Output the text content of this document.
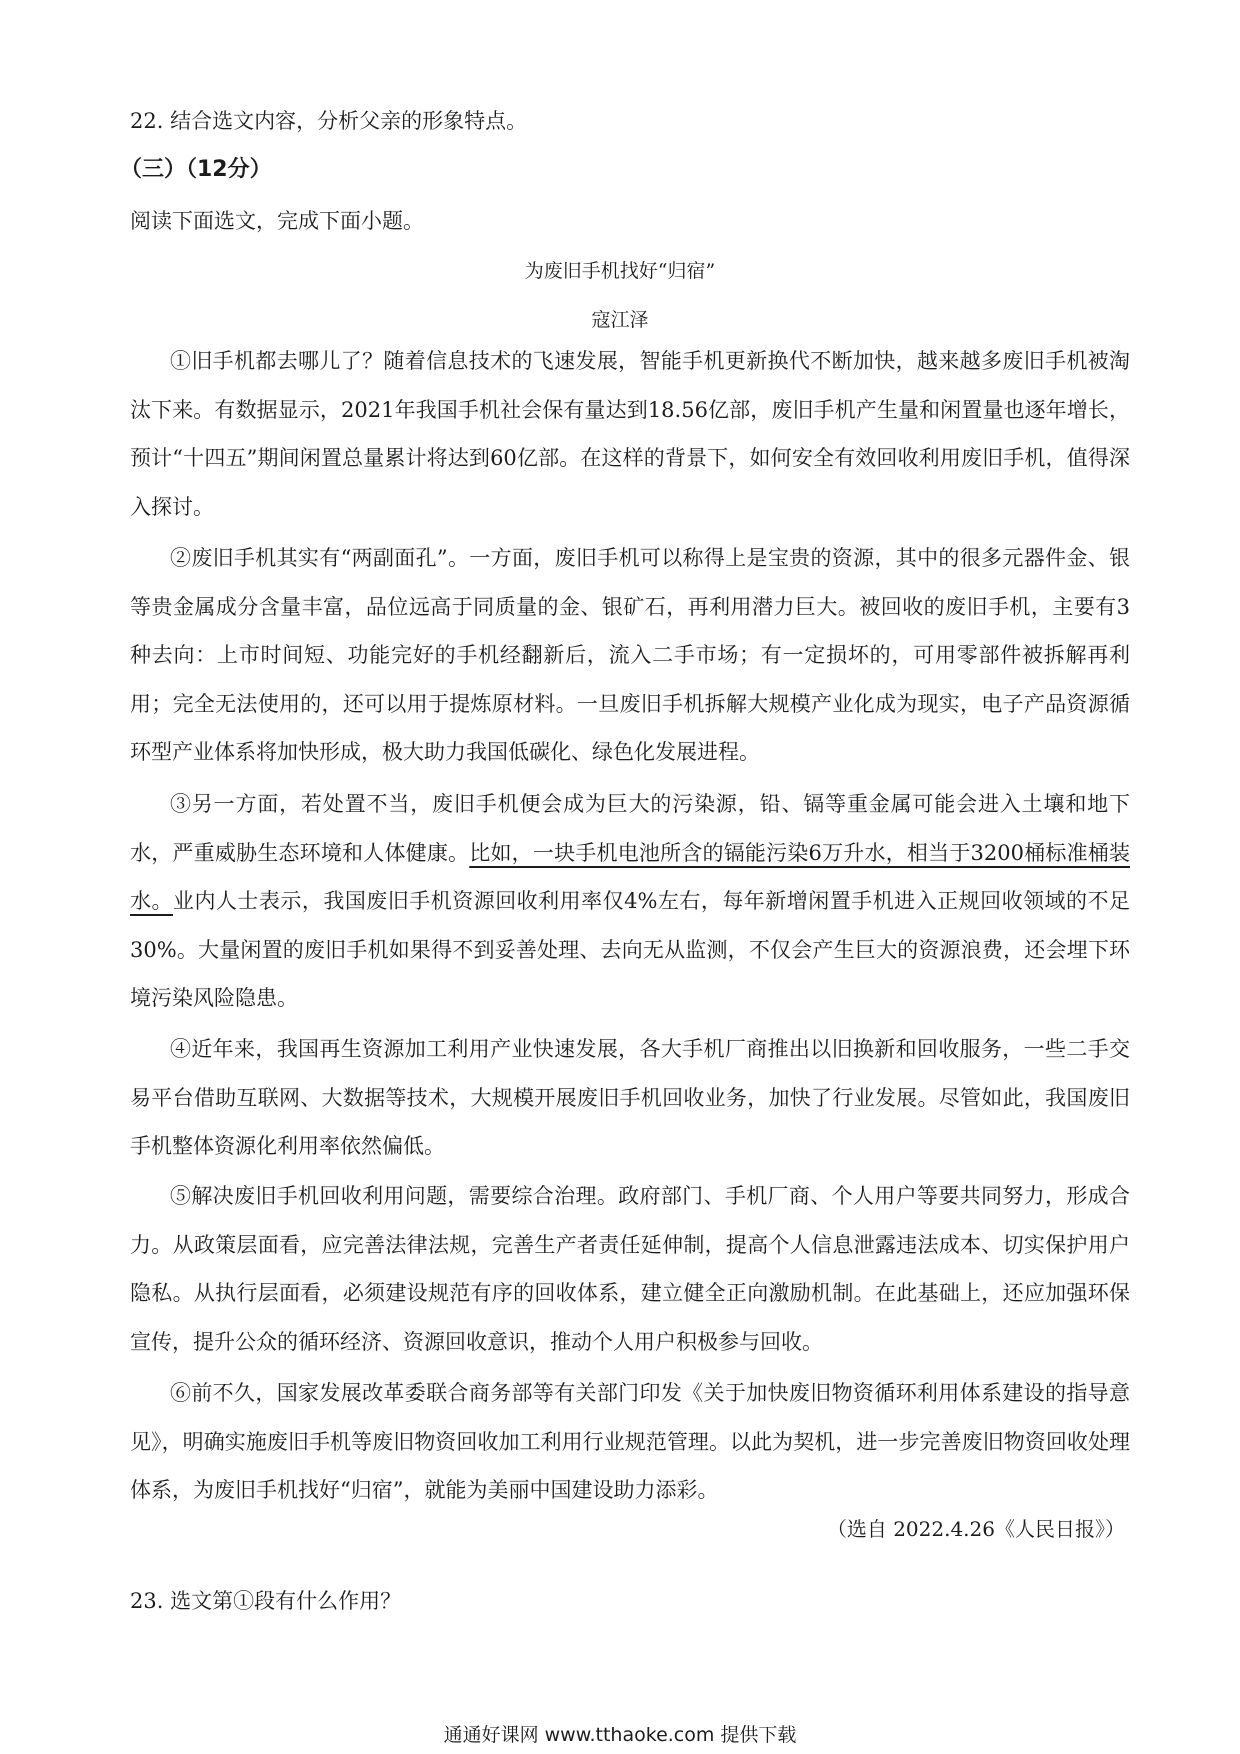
22. 结合选文内容，分析父亲的形象特点。
（三）（12分）
阅读下面选文，完成下面小题。
为废旧手机找好“归宿”
寇江泽
①旧手机都去哪儿了？随着信息技术的飞速发展，智能手机更新换代不断加快，越来越多废旧手机被淘汰下来。有数据显示，2021年我国手机社会保有量达到18.56亿部，废旧手机产生量和闲置量也逐年增长，预计“十四五”期间闲置总量累计将达到60亿部。在这样的背景下，如何安全有效回收利用废旧手机，值得深入探讨。
②废旧手机其实有“两副面孔”。一方面，废旧手机可以称得上是宝贵的资源，其中的很多元器件金、银等贵金属成分含量丰富，品位远高于同质量的金、银矿石，再利用潜力巨大。被回收的废旧手机，主要有3种去向：上市时间短、功能完好的手机经翻新后，流入二手市场；有一定损坏的，可用零部件被拆解再利用；完全无法使用的，还可以用于提炼原材料。一旦废旧手机拆解大规模产业化成为现实，电子产品资源循环型产业体系将加快形成，极大助力我国低碳化、绿色化发展进程。
③另一方面，若处置不当，废旧手机便会成为巨大的污染源，铅、镉等重金属可能会进入土壤和地下水，严重威胁生态环境和人体健康。比如，一块手机电池所含的镉能污染6万升水，相当于3200桶标准桶装水。业内人士表示，我国废旧手机资源回收利用率仅4%左右，每年新增闲置手机进入正规回收领域的不足30%。大量闲置的废旧手机如果得不到妥善处理、去向无从监测，不仅会产生巨大的资源浪费，还会埋下环境污染风险隐患。
④近年来，我国再生资源加工利用产业快速发展，各大手机厂商推出以旧换新和回收服务，一些二手交易平台借助互联网、大数据等技术，大规模开展废旧手机回收业务，加快了行业发展。尽管如此，我国废旧手机整体资源化利用率依然偏低。
⑤解决废旧手机回收利用问题，需要综合治理。政府部门、手机厂商、个人用户等要共同努力，形成合力。从政策层面看，应完善法律法规，完善生产者责任延伸制，提高个人信息泄露违法成本、切实保护用户隐私。从执行层面看，必须建设规范有序的回收体系，建立健全正向激励机制。在此基础上，还应加强环保宣传，提升公众的循环经济、资源回收意识，推动个人用户积极参与回收。
⑥前不久，国家发展改革委联合商务部等有关部门印发《关于加快废旧物资循环利用体系建设的指导意见》，明确实施废旧手机等废旧物资回收加工利用行业规范管理。以此为契机，进一步完善废旧物资回收处理体系，为废旧手机找好“归宿”，就能为美丽中国建设助力添彩。
（选自 2022.4.26《人民日报》）
23. 选文第①段有什么作用？
通通好课网 www.tthaoke.com 提供下载
